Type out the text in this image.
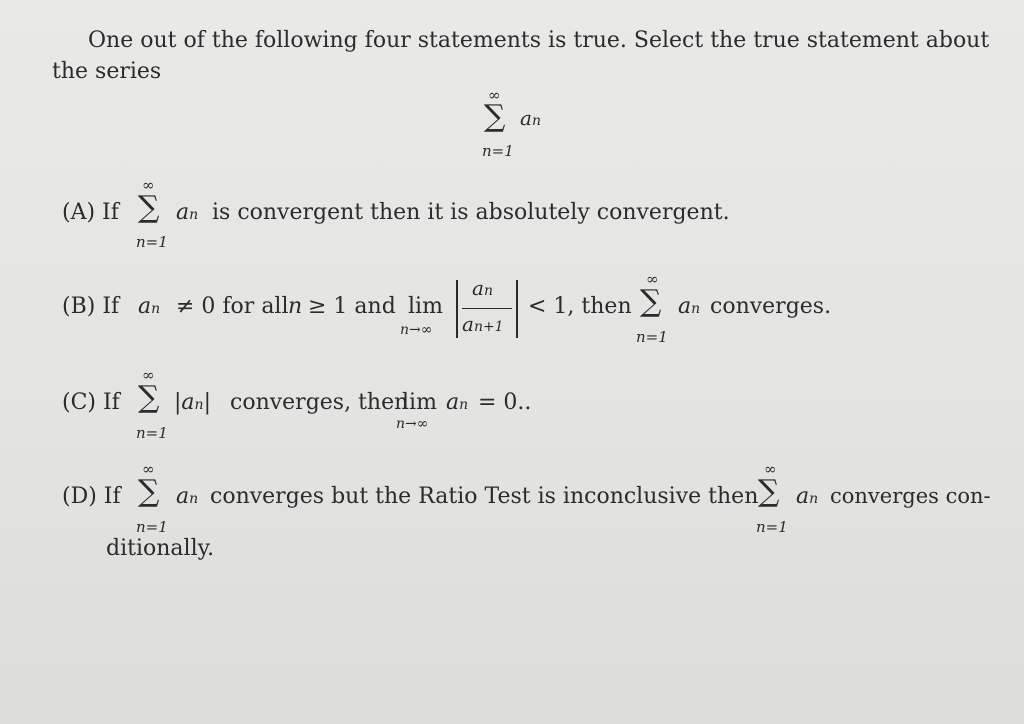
One out of the following four statements is true. Select the true statement about
the series
∞
∑ an
n=1
(A) If
∞
∑
n=1
an is convergent then it is absolutely convergent.
(B) If an ≠ 0 for all n ≥ 1 and lim
n→∞
an
an+1
< 1, then
∞
∑
n=1
an converges.
(C) If
∞
∑
n=1
|an| converges, then
lim
n→∞
an = 0..
(D) If
∞
∑
n=1
an converges but the Ratio Test is inconclusive then
∞
∑
n=1
an converges con-
ditionally.
